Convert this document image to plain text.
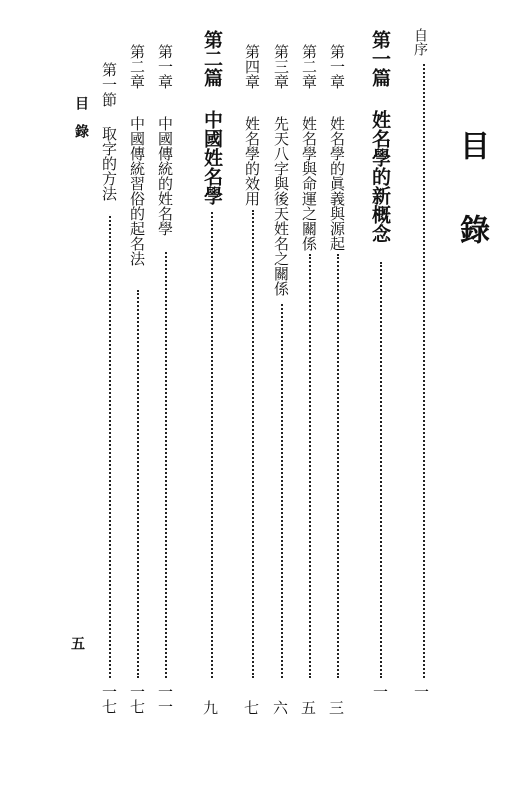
目　錄
自序
一
第一篇
姓名學的新概念
一
第一章
姓名學的眞義與源起
三
第二章
姓名學與命運之關係
五
第三章
先天八字與後天姓名之關係
六
第四章
姓名學的效用
七
第二篇
中國姓名學
九
第一章
中國傳統的姓名學
一一
第二章
中國傳統習俗的起名法
一七
第一節
取字的方法
一七
目　錄
五
